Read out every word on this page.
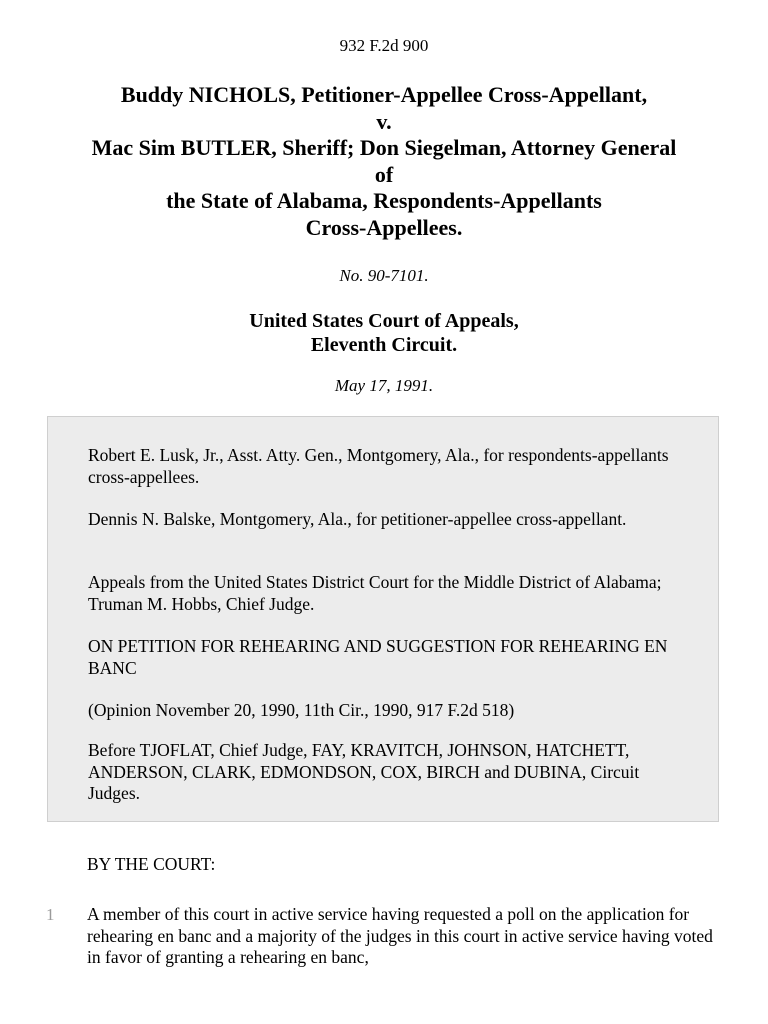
932 F.2d 900
Buddy NICHOLS, Petitioner-Appellee Cross-Appellant,
v.
Mac Sim BUTLER, Sheriff; Don Siegelman, Attorney General
of
the State of Alabama, Respondents-Appellants
Cross-Appellees.
No. 90-7101.
United States Court of Appeals,
Eleventh Circuit.
May 17, 1991.

Robert E. Lusk, Jr., Asst. Atty. Gen., Montgomery, Ala., for respondents-appellants cross-appellees.

Dennis N. Balske, Montgomery, Ala., for petitioner-appellee cross-appellant.

Appeals from the United States District Court for the Middle District of Alabama; Truman M. Hobbs, Chief Judge.

ON PETITION FOR REHEARING AND SUGGESTION FOR REHEARING EN BANC

(Opinion November 20, 1990, 11th Cir., 1990, 917 F.2d 518)

Before TJOFLAT, Chief Judge, FAY, KRAVITCH, JOHNSON, HATCHETT, ANDERSON, CLARK, EDMONDSON, COX, BIRCH and DUBINA, Circuit Judges.

BY THE COURT:
1 A member of this court in active service having requested a poll on the application for rehearing en banc and a majority of the judges in this court in active service having voted in favor of granting a rehearing en banc,
